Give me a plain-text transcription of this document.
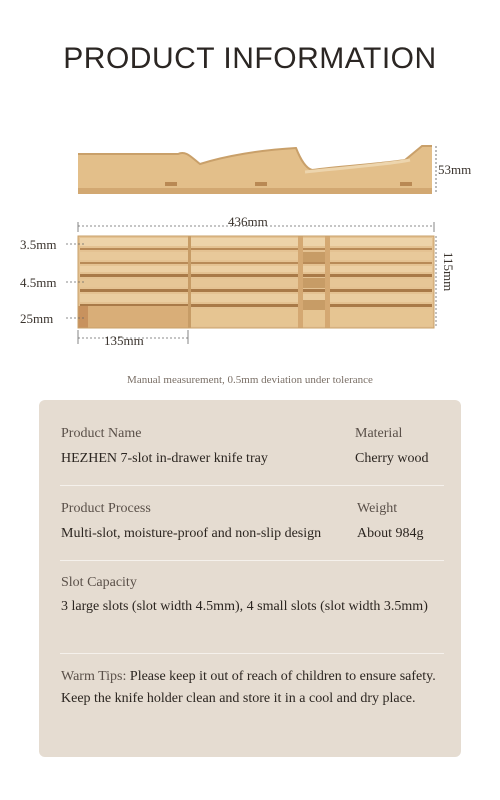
PRODUCT INFORMATION
53mm
436mm
3.5mm
4.5mm
25mm
115mm
135mm
Manual measurement, 0.5mm deviation under tolerance
Product Name	Material
HEZHEN 7-slot in-drawer knife tray	Cherry wood
Product Process	Weight
Multi-slot, moisture-proof and non-slip design	About 984g
Slot Capacity
3 large slots (slot width 4.5mm), 4 small slots (slot width 3.5mm)
Warm Tips: Please keep it out of reach of children to ensure safety. Keep the knife holder clean and store it in a cool and dry place.
